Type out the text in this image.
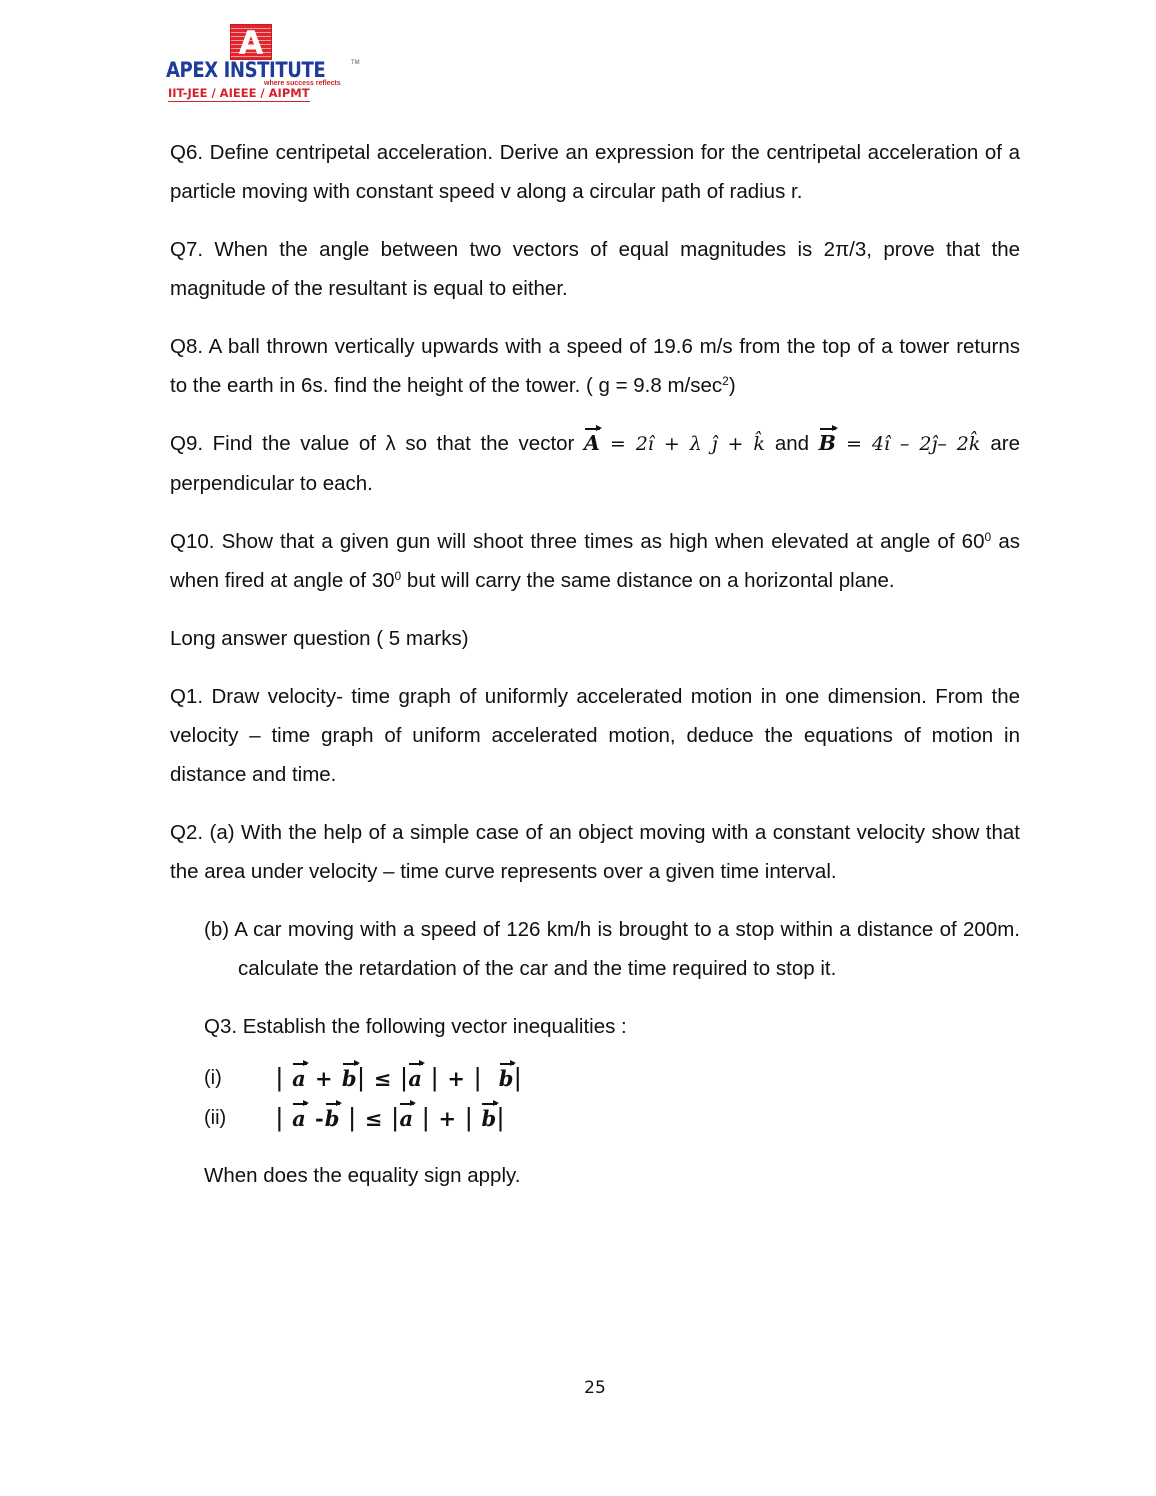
A
APEX INSTITUTE	TM
where success reflects
IIT-JEE / AIEEE / AIPMT

Q6. Define centripetal acceleration. Derive an expression for the centripetal acceleration of a particle moving with constant speed v along a circular path of radius r.

Q7. When the angle between two vectors of equal magnitudes is 2π/3, prove that the magnitude of the resultant is equal to either.

Q8. A ball thrown vertically upwards with a speed of 19.6 m/s from the top of a tower returns to the earth in 6s. find the height of the tower. ( g = 9.8 $m/\sec^2$)

Q9. Find the value of λ so that the vector A = 2î + λ ĵ + k̂ and B = 4î – 2ĵ– 2k̂ are perpendicular to each.

Q10. Show that a given gun will shoot three times as high when elevated at angle of $60^0$ as when fired at angle of $30^0$ but will carry the same distance on a horizontal plane.

Long answer question ( 5 marks)

Q1. Draw velocity- time graph of uniformly accelerated motion in one dimension. From the velocity – time graph of uniform accelerated motion, deduce the equations of motion in distance and time.

Q2. (a) With the help of a simple case of an object moving with a constant velocity show that the area under velocity – time curve represents over a given time interval.

(b) A car moving with a speed of 126 km/h is brought to a stop within a distance of 200m. calculate the retardation of the car and the time required to stop it.

Q3. Establish the following vector inequalities :

(i)	| a + b| ≤ |a | + | b|
(ii)	| a -b | ≤ |a | + | b|

When does the equality sign apply.

25
